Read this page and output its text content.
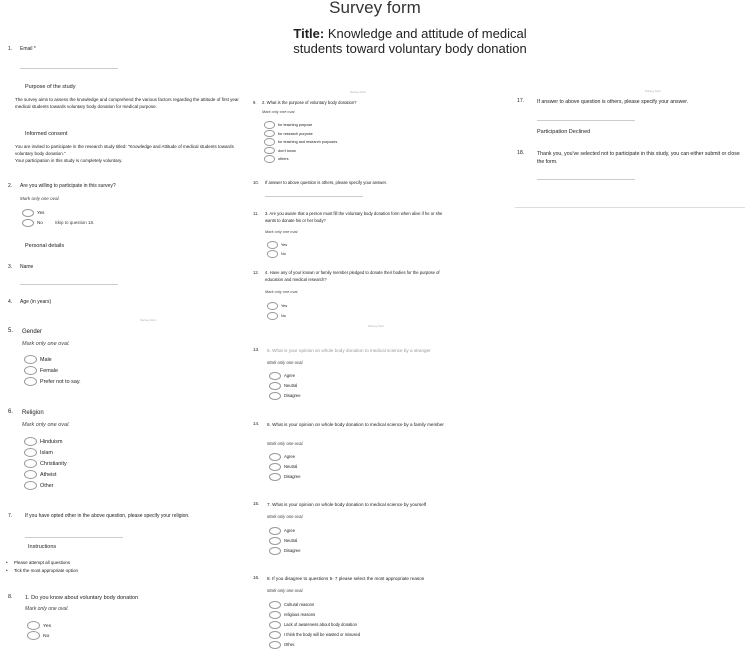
Survey form
Title: Knowledge and attitude of medical students toward voluntary body donation
Purpose of the study
The survey aims to assess the knowledge and comprehend the various factors regarding the attitude of first year medical students towards voluntary body donation for medical purpose.
Informed consent
You are invited to participate in the research study titled: "Knowledge and Attitude of medical students towards voluntary body donation."
Your participation in this study is completely voluntary.
Personal details
Instructions
•     Please attempt all questions
•     Tick the most appropriate option
Participation Declined
Survey form
Survey form
Survey form
Survey form
1. Email *
2. Are you willing to participate in this survey?
Mark only one oval.
Yes
No	Skip to question 18.
3. Name
4. Age (in years)
5. Gender
Mark only one oval.
Male
Female
Prefer not to say.
6. Religion
Mark only one oval.
Hinduism
Islam
Christianity
Atheist
Other
7.	If you have opted other in the above question, please specify your religion.
8. 1. Do you know about voluntary body donation
Mark only one oval.
Yes
No
9. 2. What is the purpose of voluntary body donation?
Mark only one oval.
for teaching purpose
for research purpose
for teaching and research purposes
don't know
others
10. If answer to above question is others, please specify your answer.
11. 3. Are you aware that a person must fill the voluntary body donation form when alive if he or she wants to donate his or her body?
Mark only one oval.
Yes
No
12. 4. Have any of your known or family member pledged to donate their bodies for the purpose of education and medical research?
Mark only one oval.
Yes
No
13. 5. What is your opinion on whole body donation to medical science by a stranger
Mark only one oval.
Agree
Neutral
Disagree
14. 6. What is your opinion on whole body donation to medical science by a family member
Mark only one oval.
Agree
Neutral
Disagree
15. 7. What is your opinion on whole body donation to medical science by yourself
Mark only one oval.
Agree
Neutral
Disagree
16. 8. If you disagree to questions 5- 7 please select the most appropriate reason
Mark only one oval.
Cultural reasons
religious reasons
Lack of awareness about body donation
I think the body will be wasted or misused
Other.
17. If answer to above question is others, please specify your answer.
18. Thank you, you've selected not to participate in this study, you can either submit or close the form.
